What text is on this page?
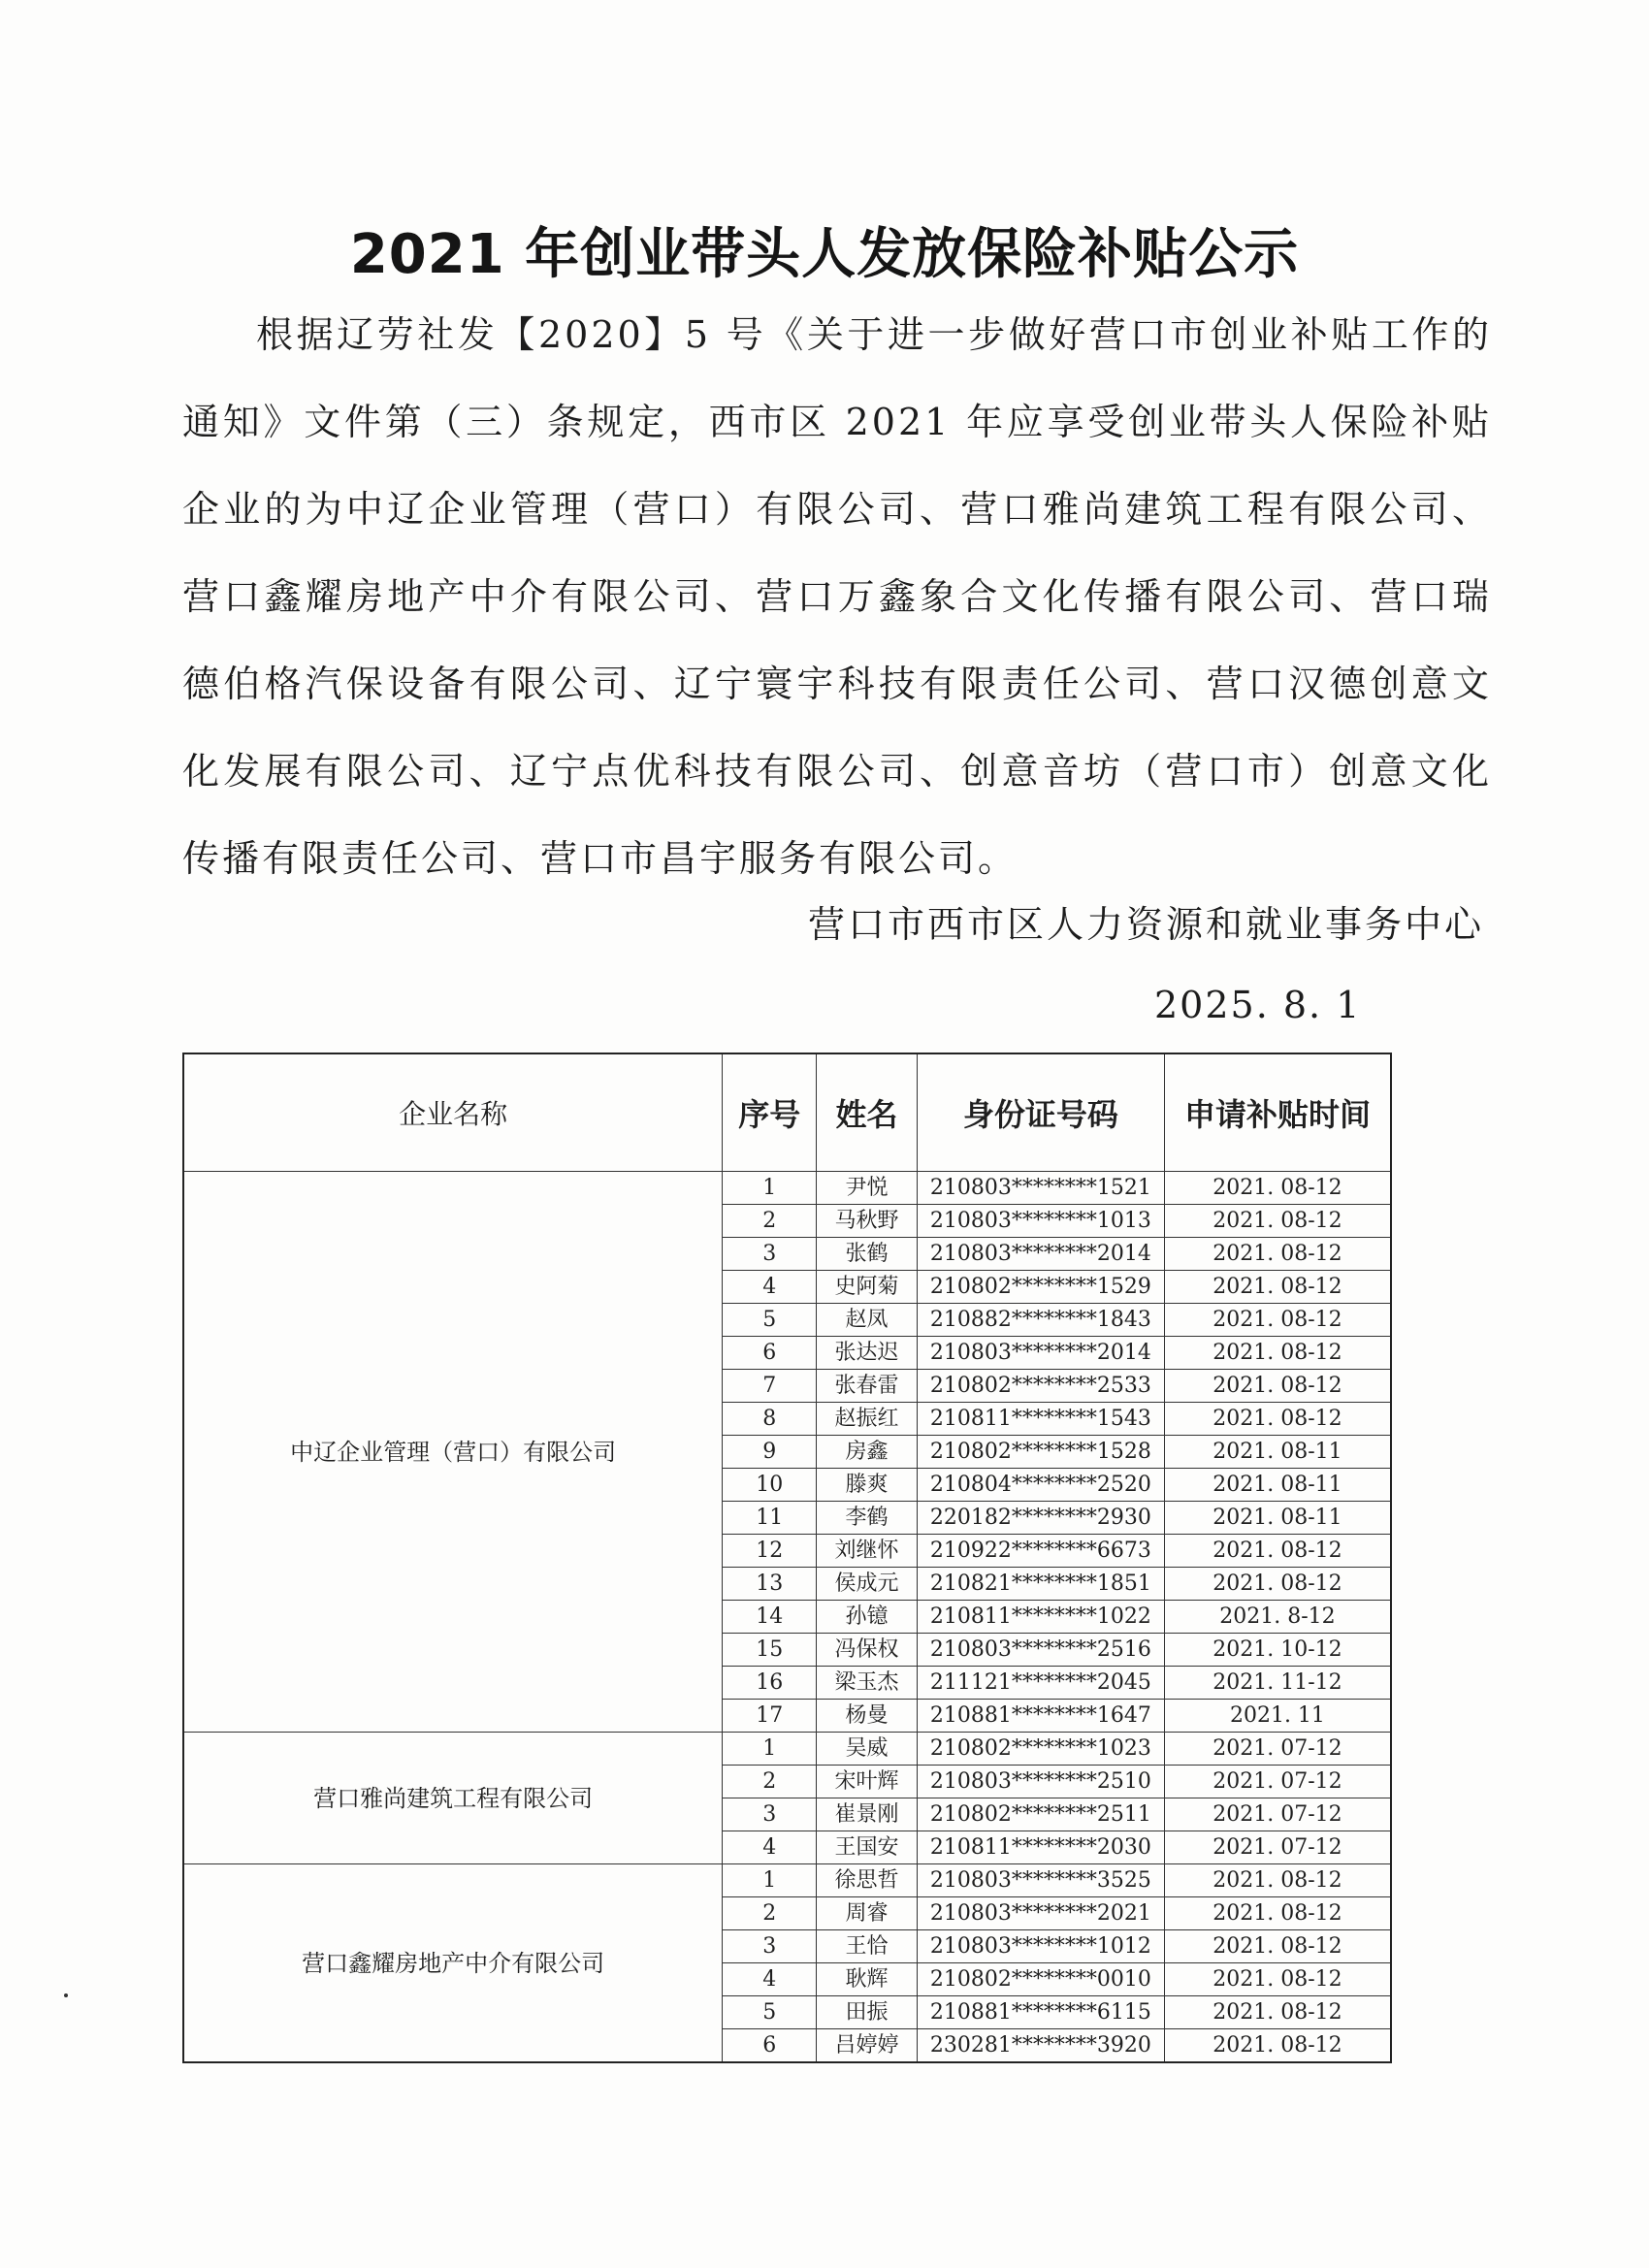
2021 年创业带头人发放保险补贴公示
根据辽劳社发【2020】5 号《关于进一步做好营口市创业补贴工作的通知》文件第（三）条规定，西市区 2021 年应享受创业带头人保险补贴企业的为中辽企业管理（营口）有限公司、营口雅尚建筑工程有限公司、营口鑫耀房地产中介有限公司、营口万鑫象合文化传播有限公司、营口瑞德伯格汽保设备有限公司、辽宁寰宇科技有限责任公司、营口汉德创意文化发展有限公司、辽宁点优科技有限公司、创意音坊（营口市）创意文化传播有限责任公司、营口市昌宇服务有限公司。
营口市西市区人力资源和就业事务中心
2025. 8. 1
企业名称	序号	姓名	身份证号码	申请补贴时间
中辽企业管理（营口）有限公司	1	尹悦	210803********1521	2021. 08-12
	2	马秋野	210803********1013	2021. 08-12
	3	张鹤	210803********2014	2021. 08-12
	4	史阿菊	210802********1529	2021. 08-12
	5	赵凤	210882********1843	2021. 08-12
	6	张达迟	210803********2014	2021. 08-12
	7	张春雷	210802********2533	2021. 08-12
	8	赵振红	210811********1543	2021. 08-12
	9	房鑫	210802********1528	2021. 08-11
	10	滕爽	210804********2520	2021. 08-11
	11	李鹤	220182********2930	2021. 08-11
	12	刘继怀	210922********6673	2021. 08-12
	13	侯成元	210821********1851	2021. 08-12
	14	孙镱	210811********1022	2021. 8-12
	15	冯保权	210803********2516	2021. 10-12
	16	梁玉杰	211121********2045	2021. 11-12
	17	杨曼	210881********1647	2021. 11
营口雅尚建筑工程有限公司	1	吴威	210802********1023	2021. 07-12
	2	宋叶辉	210803********2510	2021. 07-12
	3	崔景刚	210802********2511	2021. 07-12
	4	王国安	210811********2030	2021. 07-12
营口鑫耀房地产中介有限公司	1	徐思哲	210803********3525	2021. 08-12
	2	周睿	210803********2021	2021. 08-12
	3	王恰	210803********1012	2021. 08-12
	4	耿辉	210802********0010	2021. 08-12
	5	田振	210881********6115	2021. 08-12
	6	吕婷婷	230281********3920	2021. 08-12
